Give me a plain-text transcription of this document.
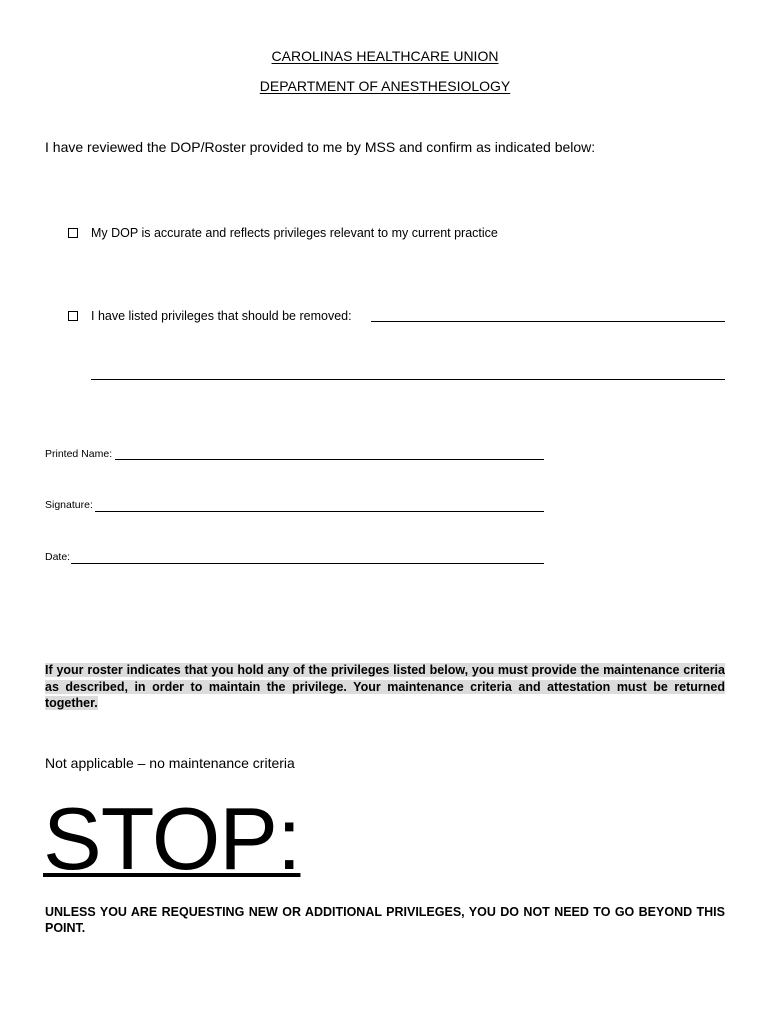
CAROLINAS HEALTHCARE UNION
DEPARTMENT OF ANESTHESIOLOGY
I have reviewed the DOP/Roster provided to me by MSS and confirm as indicated below:
My DOP is accurate and reflects privileges relevant to my current practice
I have listed privileges that should be removed:
Printed Name:
Signature:
Date:
If your roster indicates that you hold any of the privileges listed below, you must provide the maintenance criteria as described, in order to maintain the privilege. Your maintenance criteria and attestation must be returned together.
Not applicable – no maintenance criteria
STOP:
UNLESS YOU ARE REQUESTING NEW OR ADDITIONAL PRIVILEGES, YOU DO NOT NEED TO GO BEYOND THIS POINT.
